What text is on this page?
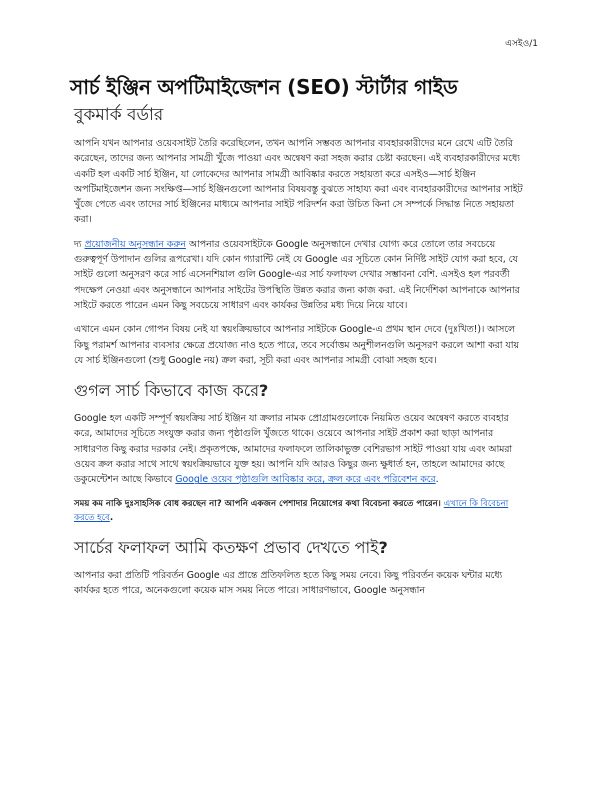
এসইও/1
সার্চ ইঞ্জিন অপটিমাইজেশন (SEO) স্টার্টার গাইড
বুকমার্ক বর্ডার

আপনি যখন আপনার ওয়েবসাইট তৈরি করেছিলেন, তখন আপনি সম্ভবত আপনার ব্যবহারকারীদের মনে রেখে এটি তৈরি করেছেন, তাদের জন্য আপনার সামগ্রী খুঁজে পাওয়া এবং অন্বেষণ করা সহজ করার চেষ্টা করছেন। এই ব্যবহারকারীদের মধ্যে একটি হল একটি সার্চ ইঞ্জিন, যা লোকেদের আপনার সামগ্রী আবিষ্কার করতে সহায়তা করে এসইও—সার্চ ইঞ্জিন অপটিমাইজেশন জন্য সংক্ষিপ্ত—সার্চ ইঞ্জিনগুলো আপনার বিষয়বস্তু বুঝতে সাহায্য করা এবং ব্যবহারকারীদের আপনার সাইট খুঁজে পেতে এবং তাদের সার্চ ইঞ্জিনের মাধ্যমে আপনার সাইট পরিদর্শন করা উচিত কিনা সে সম্পর্কে সিদ্ধান্ত নিতে সহায়তা করা।

দ্য প্রয়োজনীয় অনুসন্ধান করুন আপনার ওয়েবসাইটকে Google অনুসন্ধানে দেখার যোগ্য করে তোলে তার সবচেয়ে গুরুত্বপূর্ণ উপাদান গুলির রূপরেখা। যদি কোন গ্যারান্টি নেই যে Google এর সূচিতে কোন নির্দিষ্ট সাইট যোগ করা হবে, যে সাইট গুলো অনুসরণ করে সার্চ এসেনশিয়াল গুলি Google-এর সার্চ ফলাফল দেখার সম্ভাবনা বেশি. এসইও হল পরবর্তী পদক্ষেপ নেওয়া এবং অনুসন্ধানে আপনার সাইটের উপস্থিতি উন্নত করার জন্য কাজ করা. এই নির্দেশিকা আপনাকে আপনার সাইটে করতে পারেন এমন কিছু সবচেয়ে সাধারণ এবং কার্যকর উন্নতির মধ্য দিয়ে নিয়ে যাবে।

এখানে এমন কোন গোপন বিষয় নেই যা স্বয়ংক্রিয়ভাবে আপনার সাইটকে Google-এ প্রথম স্থান দেবে (দুঃখিত!)। আসলে কিছু পরামর্শ আপনার ব্যবসার ক্ষেত্রে প্রযোজ্য নাও হতে পারে, তবে সর্বোত্তম অনুশীলনগুলি অনুসরণ করলে আশা করা যায় যে সার্চ ইঞ্জিনগুলো (শুধু Google নয়) ক্রল করা, সূচী করা এবং আপনার সামগ্রী বোঝা সহজ হবে।

গুগল সার্চ কিভাবে কাজ করে?

Google হল একটি সম্পূর্ণ স্বয়ংক্রিয় সার্চ ইঞ্জিন যা ক্রলার নামক প্রোগ্রামগুলোকে নিয়মিত ওয়েব অন্বেষণ করতে ব্যবহার করে, আমাদের সূচিতে সংযুক্ত করার জন্য পৃষ্ঠাগুলি খুঁজতে থাকে। ওয়েবে আপনার সাইট প্রকাশ করা ছাড়া আপনার সাধারণত কিছু করার দরকার নেই। প্রকৃতপক্ষে, আমাদের ফলাফলে তালিকাভুক্ত বেশিরভাগ সাইট পাওয়া যায় এবং আমরা ওয়েব ক্রল করার সাথে সাথে স্বয়ংক্রিয়ভাবে যুক্ত হয়। আপনি যদি আরও কিছুর জন্য ক্ষুধার্ত হন, তাহলে আমাদের কাছে ডকুমেন্টেশন আছে কিভাবে Google ওয়েব পৃষ্ঠাগুলি আবিষ্কার করে, ক্রল করে এবং পরিবেশন করে.

সময় কম নাকি দুঃসাহসিক বোধ করছেন না? আপনি একজন পেশাদার নিয়োগের কথা বিবেচনা করতে পারেন। এখানে কি বিবেচনা করতে হবে.

সার্চের ফলাফল আমি কতক্ষণ প্রভাব দেখতে পাই?

আপনার করা প্রতিটি পরিবর্তন Google এর প্রান্তে প্রতিফলিত হতে কিছু সময় নেবে। কিছু পরিবর্তন কয়েক ঘন্টার মধ্যে কার্যকর হতে পারে, অনেকগুলো কয়েক মাস সময় নিতে পারে। সাধারণভাবে, Google অনুসন্ধান
